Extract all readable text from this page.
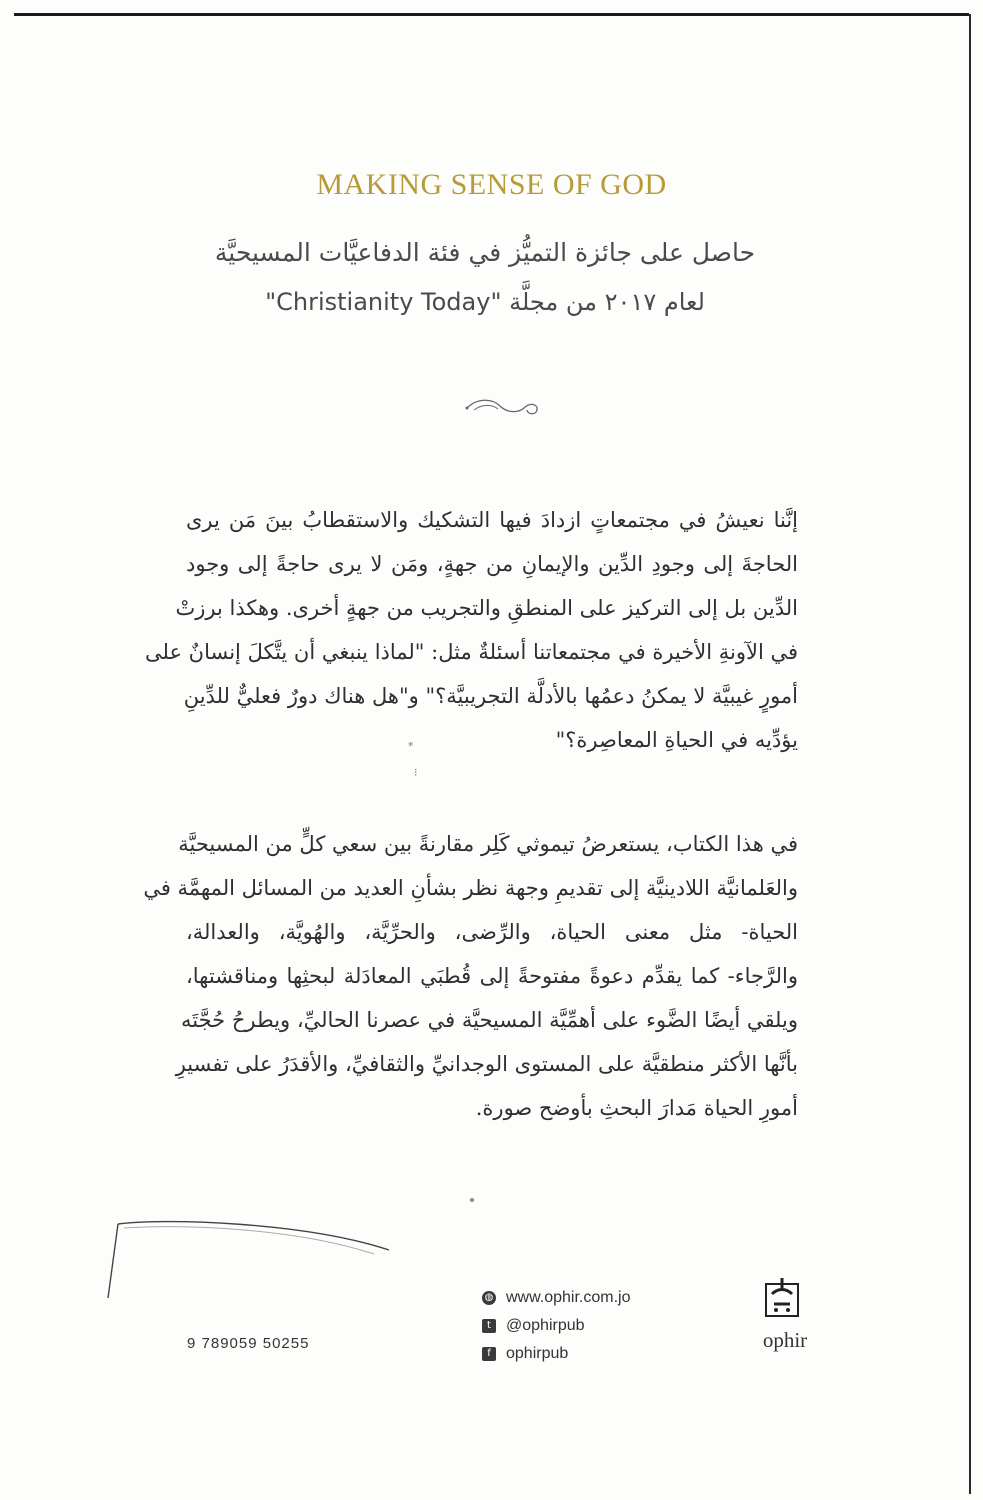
MAKING SENSE OF GOD
حاصل على جائزة التميُّز في فئة الدفاعيَّات المسيحيَّة
لعام ٢٠١٧ من مجلَّة "Christianity Today"
إنَّنا نعيشُ في مجتمعاتٍ ازدادَ فيها التشكيك والاستقطابُ بينَ مَن يرى
الحاجةَ إلى وجودِ الدِّين والإيمانِ من جهةٍ، ومَن لا يرى حاجةً إلى وجود
الدِّين بل إلى التركيز على المنطقِ والتجريب من جهةٍ أخرى. وهكذا برزتْ
في الآونةِ الأخيرة في مجتمعاتنا أسئلةٌ مثل: "لماذا ينبغي أن يتَّكلَ إنسانٌ على
أمورٍ غيبيَّة لا يمكنُ دعمُها بالأدلَّة التجريبيَّة؟" و"هل هناك دورٌ فعليٌّ للدِّينِ
يؤدِّيه في الحياةِ المعاصِرة؟"
في هذا الكتاب، يستعرضُ تيموثي كَلِر مقارنةً بين سعي كلٍّ من المسيحيَّة
والعَلمانيَّة اللادينيَّة إلى تقديمِ وجهة نظر بشأنِ العديد من المسائل المهمَّة في
الحياة- مثل معنى الحياة، والرِّضى، والحرِّيَّة، والهُويَّة، والعدالة،
والرَّجاء- كما يقدِّم دعوةً مفتوحةً إلى قُطبَي المعادَلة لبحثِها ومناقشتها،
ويلقي أيضًا الضَّوء على أهمِّيَّة المسيحيَّة في عصرنا الحاليِّ، ويطرحُ حُجَّتَه
بأنَّها الأكثر منطقيَّة على المستوى الوجدانيِّ والثقافيِّ، والأقدَرُ على تفسيرِ
أمورِ الحياة مَدارَ البحثِ بأوضح صورة.
⁎
⁝
9 789059 50255
◍ www.ophir.com.jo
t @ophirpub
f ophirpub
ophir
